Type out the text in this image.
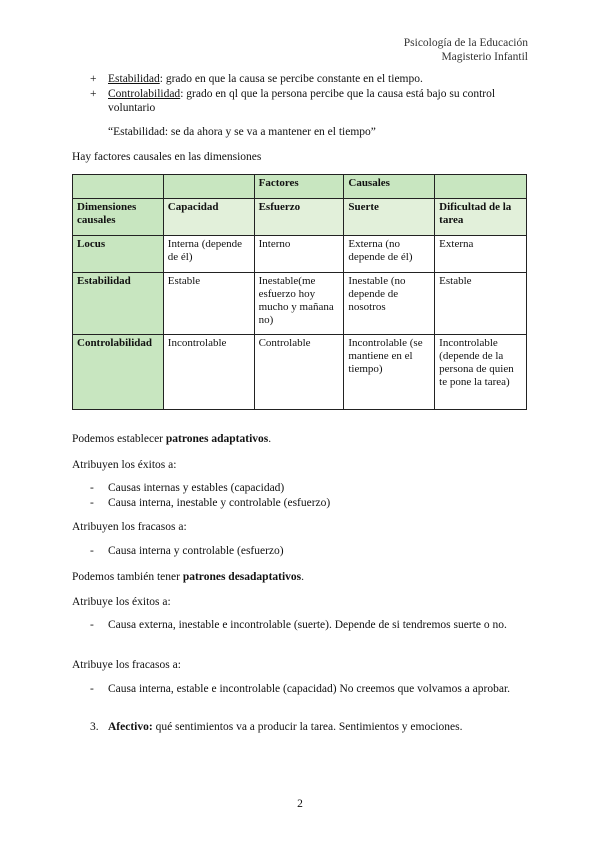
Psicología de la Educación
Magisterio Infantil
+ Estabilidad: grado en que la causa se percibe constante en el tiempo.
+ Controlabilidad: grado en ql que la persona percibe que la causa está bajo su control voluntario
“Estabilidad: se da ahora y se va a mantener en el tiempo”
Hay factores causales en las dimensiones
		Factores	Causales	
Dimensiones causales	Capacidad	Esfuerzo	Suerte	Dificultad de la tarea
Locus	Interna (depende de él)	Interno	Externa (no depende de él)	Externa
Estabilidad	Estable	Inestable(me esfuerzo hoy mucho y mañana no)	Inestable (no depende de nosotros	Estable
Controlabilidad	Incontrolable	Controlable	Incontrolable (se mantiene en el tiempo)	Incontrolable (depende de la persona de quien te pone la tarea)
Podemos establecer patrones adaptativos.
Atribuyen los éxitos a:
- Causas internas y estables (capacidad)
- Causa interna, inestable y controlable (esfuerzo)
Atribuyen los fracasos a:
- Causa interna y controlable (esfuerzo)
Podemos también tener patrones desadaptativos.
Atribuye los éxitos a:
- Causa externa, inestable e incontrolable (suerte). Depende de si tendremos suerte o no.
Atribuye los fracasos a:
- Causa interna, estable e incontrolable (capacidad) No creemos que volvamos a aprobar.
3. Afectivo: qué sentimientos va a producir la tarea. Sentimientos y emociones.
2
